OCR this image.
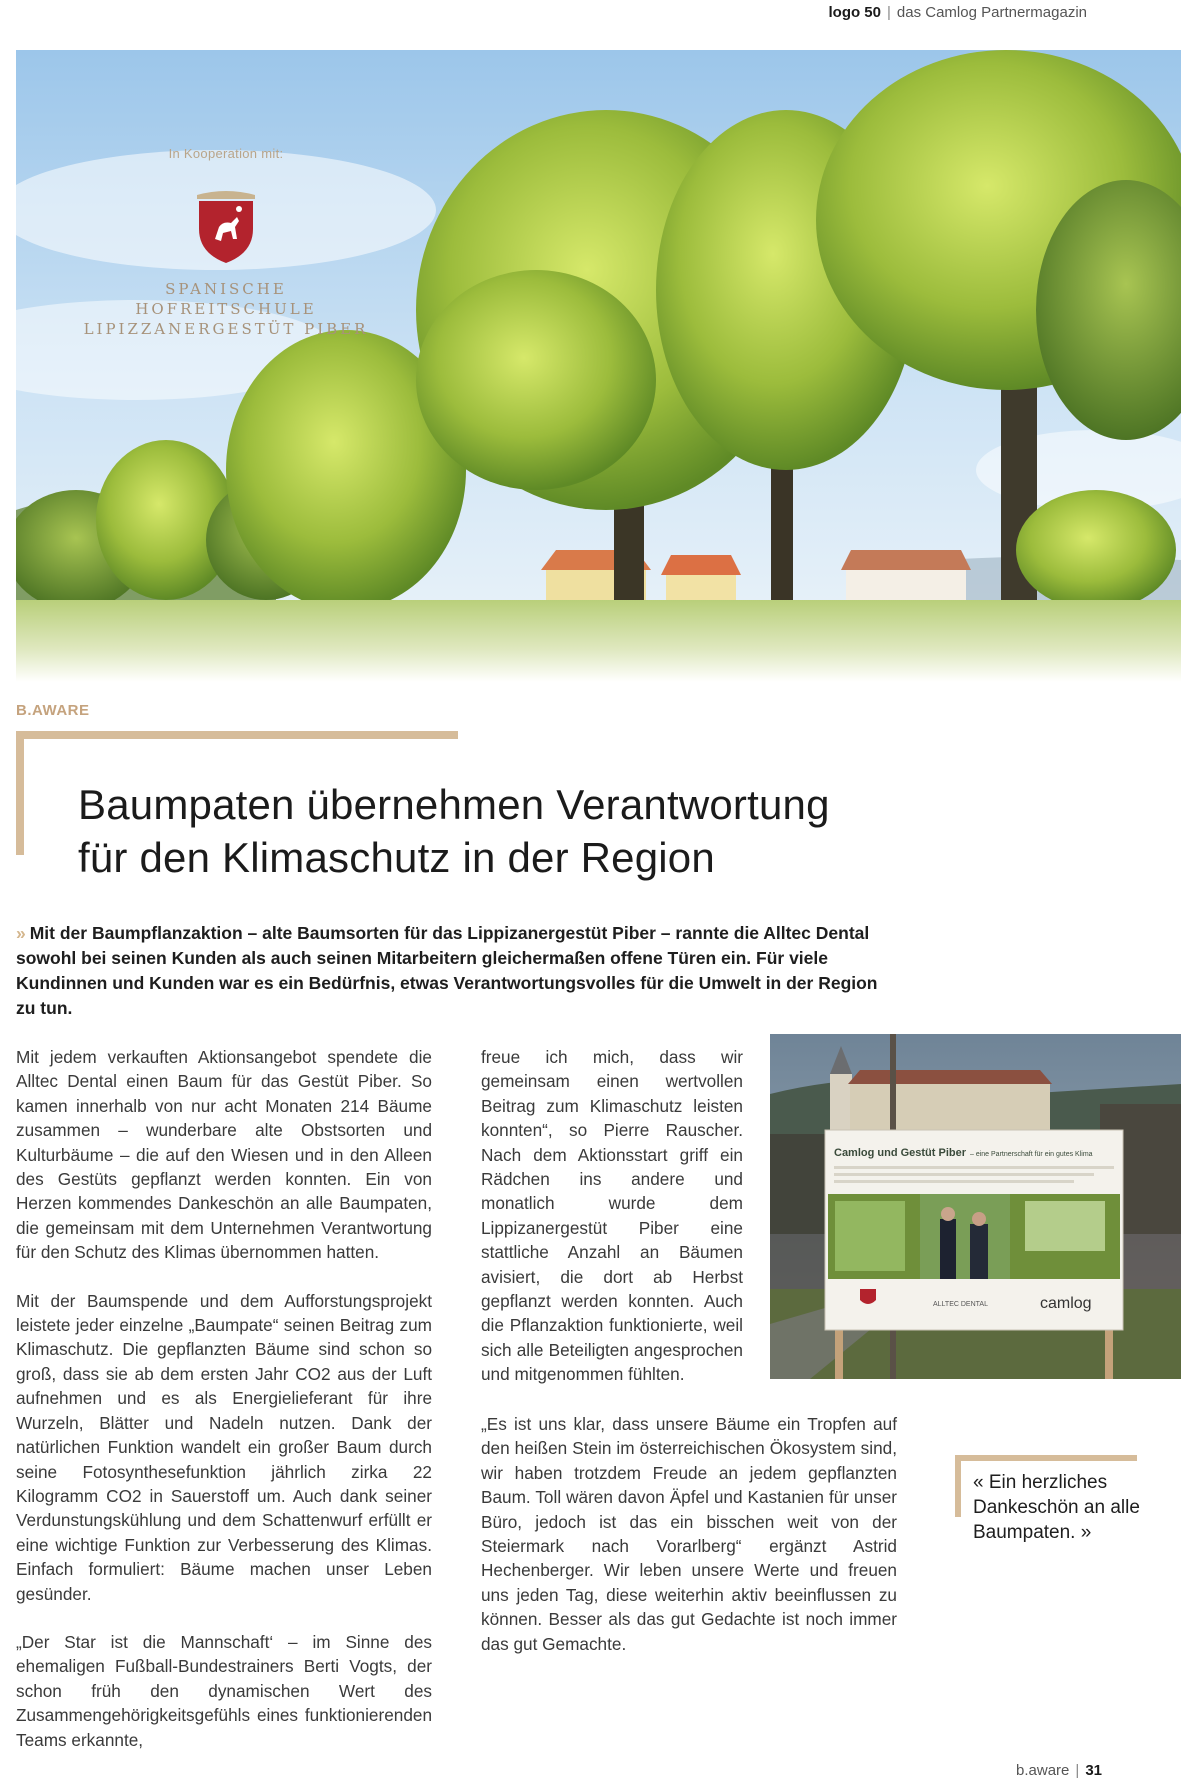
logo 50 | das Camlog Partnermagazin
In Kooperation mit:
SPANISCHE HOFREITSCHULE
LIPIZZANERGESTÜT PIBER
B.AWARE
Baumpaten übernehmen Verantwortung
für den Klimaschutz in der Region

» Mit der Baumpflanzaktion – alte Baumsorten für das Lippizanergestüt Piber – rannte die Alltec Dental sowohl bei seinen Kunden als auch seinen Mitarbeitern gleichermaßen offene Türen ein. Für viele Kundinnen und Kunden war es ein Bedürfnis, etwas Verantwortungsvolles für die Umwelt in der Region zu tun.

Mit jedem verkauften Aktionsangebot spendete die Alltec Dental einen Baum für das Gestüt Piber. So kamen innerhalb von nur acht Monaten 214 Bäume zusammen – wunderbare alte Obstsorten und Kulturbäume – die auf den Wiesen und in den Alleen des Gestüts gepflanzt werden konnten. Ein von Herzen kommendes Dankeschön an alle Baumpaten, die gemeinsam mit dem Unternehmen Verantwortung für den Schutz des Klimas übernommen hatten.

Mit der Baumspende und dem Aufforstungsprojekt leistete jeder einzelne „Baumpate“ seinen Beitrag zum Klimaschutz. Die gepflanzten Bäume sind schon so groß, dass sie ab dem ersten Jahr CO2 aus der Luft aufnehmen und es als Energielieferant für ihre Wurzeln, Blätter und Nadeln nutzen. Dank der natürlichen Funktion wandelt ein großer Baum durch seine Fotosynthesefunktion jährlich zirka 22 Kilogramm CO2 in Sauerstoff um. Auch dank seiner Verdunstungskühlung und dem Schattenwurf erfüllt er eine wichtige Funktion zur Verbesserung des Klimas. Einfach formuliert: Bäume machen unser Leben gesünder.

„Der Star ist die Mannschaft‘ – im Sinne des ehemaligen Fußball-Bundestrainers Berti Vogts, der schon früh den dynamischen Wert des Zusammengehörigkeitsgefühls eines funktionierenden Teams erkannte,

freue ich mich, dass wir gemeinsam einen wertvollen Beitrag zum Klimaschutz leisten konnten“, so Pierre Rauscher. Nach dem Aktionsstart griff ein Rädchen ins andere und monatlich wurde dem Lippizanergestüt Piber eine stattliche Anzahl an Bäumen avisiert, die dort ab Herbst gepflanzt werden konnten. Auch die Pflanzaktion funktionierte, weil sich alle Beteiligten angesprochen und mitgenommen fühlten.

„Es ist uns klar, dass unsere Bäume ein Tropfen auf den heißen Stein im österreichischen Ökosystem sind, wir haben trotzdem Freude an jedem gepflanzten Baum. Toll wären davon Äpfel und Kastanien für unser Büro, jedoch ist das ein bisschen weit von der Steiermark nach Vorarlberg“ ergänzt Astrid Hechenberger. Wir leben unsere Werte und freuen uns jeden Tag, diese weiterhin aktiv beeinflussen zu können. Besser als das gut Gedachte ist noch immer das gut Gemachte.

Camlog und Gestüt Piber – eine Partnerschaft für ein gutes Klima
ALLTEC DENTAL	camlog

« Ein herzliches Dankeschön an alle Baumpaten. »

b.aware | 31
